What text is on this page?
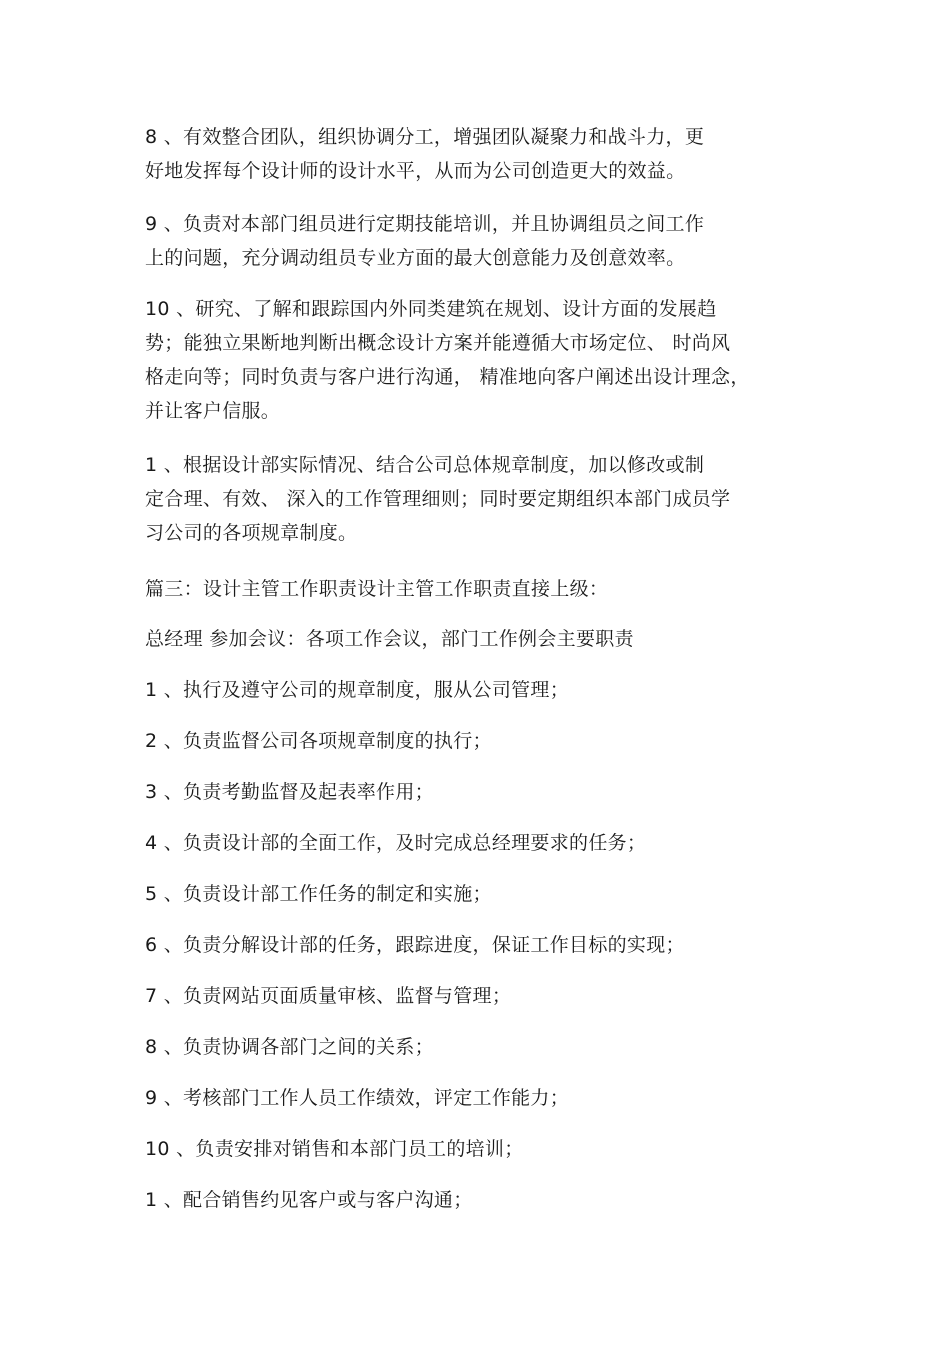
8 、有效整合团队，组织协调分工，增强团队凝聚力和战斗力，更
好地发挥每个设计师的设计水平，从而为公司创造更大的效益。

9 、负责对本部门组员进行定期技能培训，并且协调组员之间工作
上的问题，充分调动组员专业方面的最大创意能力及创意效率。

10 、研究、了解和跟踪国内外同类建筑在规划、设计方面的发展趋
势；能独立果断地判断出概念设计方案并能遵循大市场定位、 时尚风
格走向等；同时负责与客户进行沟通， 精准地向客户阐述出设计理念，
并让客户信服。

1 、根据设计部实际情况、结合公司总体规章制度，加以修改或制
定合理、有效、 深入的工作管理细则；同时要定期组织本部门成员学
习公司的各项规章制度。

篇三：设计主管工作职责设计主管工作职责直接上级：

总经理 参加会议：各项工作会议，部门工作例会主要职责

1 、执行及遵守公司的规章制度，服从公司管理；

2 、负责监督公司各项规章制度的执行；

3 、负责考勤监督及起表率作用；

4 、负责设计部的全面工作，及时完成总经理要求的任务；

5 、负责设计部工作任务的制定和实施；

6 、负责分解设计部的任务，跟踪进度，保证工作目标的实现；

7 、负责网站页面质量审核、监督与管理；

8 、负责协调各部门之间的关系；

9 、考核部门工作人员工作绩效，评定工作能力；

10 、负责安排对销售和本部门员工的培训；

1 、配合销售约见客户或与客户沟通；
